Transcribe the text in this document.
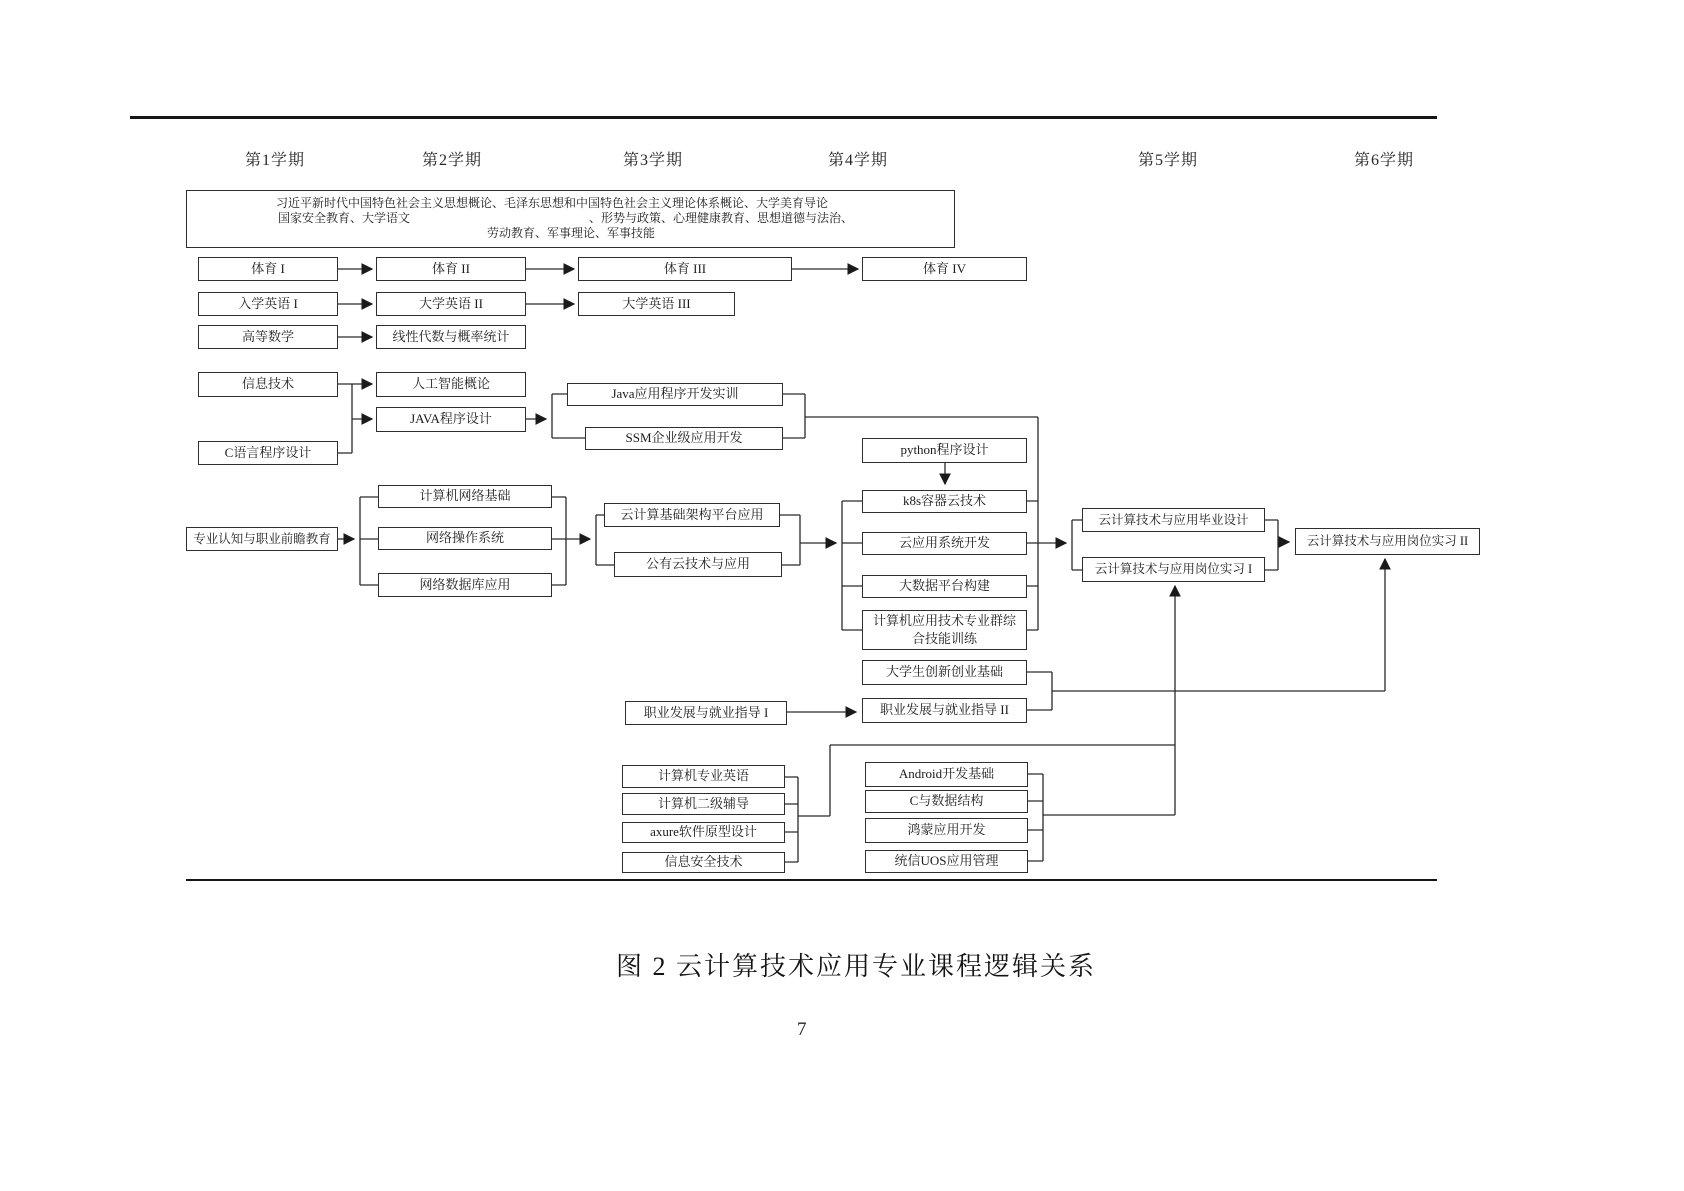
第1学期	第2学期	第3学期	第4学期	第5学期	第6学期
习近平新时代中国特色社会主义思想概论、毛泽东思想和中国特色社会主义理论体系概论、大学美育导论
国家安全教育、大学语文	、形势与政策、心理健康教育、思想道德与法治、
劳动教育、军事理论、军事技能
体育 I
入学英语 I
高等数学
信息技术
C语言程序设计
专业认知与职业前瞻教育
体育 II
大学英语 II
线性代数与概率统计
人工智能概论
JAVA程序设计
计算机网络基础
网络操作系统
网络数据库应用
体育 III
大学英语 III
Java应用程序开发实训
SSM企业级应用开发
云计算基础架构平台应用
公有云技术与应用
职业发展与就业指导 I
计算机专业英语
计算机二级辅导
axure软件原型设计
信息安全技术
体育 IV
python程序设计
k8s容器云技术
云应用系统开发
大数据平台构建
计算机应用技术专业群综
合技能训练
大学生创新创业基础
职业发展与就业指导 II
Android开发基础
C与数据结构
鸿蒙应用开发
统信UOS应用管理
云计算技术与应用毕业设计
云计算技术与应用岗位实习 I
云计算技术与应用岗位实习 II
图 2 云计算技术应用专业课程逻辑关系
7
